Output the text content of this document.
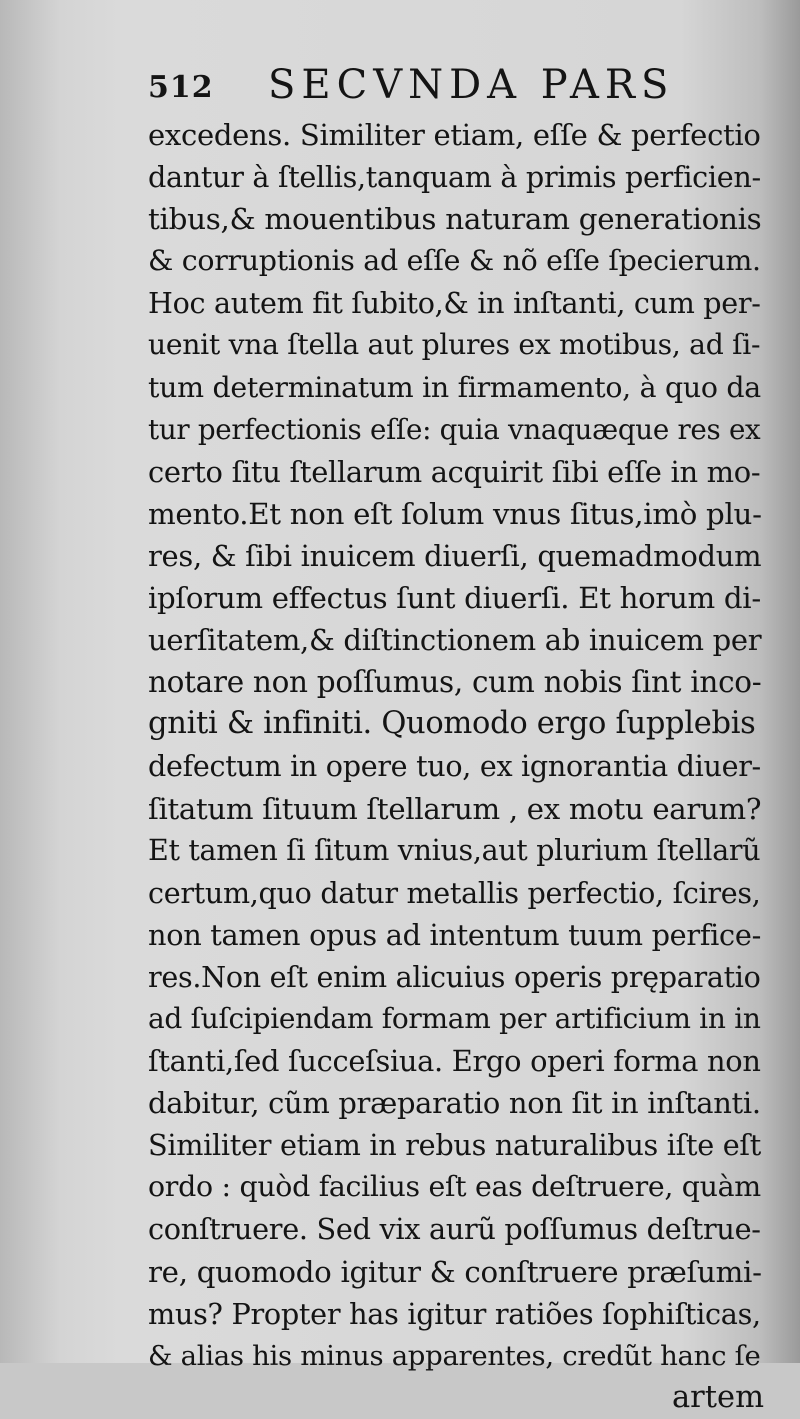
512 SECVNDA PARS
excedens. Similiter etiam, eſſe & perfectio
dantur à ſtellis,tanquam à primis perficien-
tibus,& mouentibus naturam generationis
& corruptionis ad eſſe & nõ eſſe ſpecierum.
Hoc autem fit ſubito,& in inſtanti, cum per-
uenit vna ſtella aut plures ex motibus, ad ſi-
tum determinatum in firmamento, à quo da
tur perfectionis eſſe: quia vnaquæque res ex
certo ſitu ſtellarum acquirit ſibi eſſe in mo-
mento.Et non eſt ſolum vnus ſitus,imò plu-
res, & ſibi inuicem diuerſi, quemadmodum
ipſorum effectus ſunt diuerſi. Et horum di-
uerſitatem,& diſtinctionem ab inuicem per
notare non poſſumus, cum nobis ſint inco-
gniti & infiniti. Quomodo ergo ſupplebis
defectum in opere tuo, ex ignorantia diuer-
ſitatum ſituum ſtellarum , ex motu earum?
Et tamen ſi ſitum vnius,aut plurium ſtellarũ
certum,quo datur metallis perfectio, ſcires,
non tamen opus ad intentum tuum perfice-
res.Non eſt enim alicuius operis pręparatio
ad ſuſcipiendam formam per artificium in in
ſtanti,ſed ſucceſsiua. Ergo operi forma non
dabitur, cũm præparatio non ſit in inſtanti.
Similiter etiam in rebus naturalibus iſte eſt
ordo : quòd facilius eſt eas deſtruere, quàm
conſtruere. Sed vix aurũ poſſumus deſtrue-
re, quomodo igitur & conſtruere præſumi-
mus? Propter has igitur ratiões ſophiſticas,
& alias his minus apparentes, credũt hanc ſe
artem
